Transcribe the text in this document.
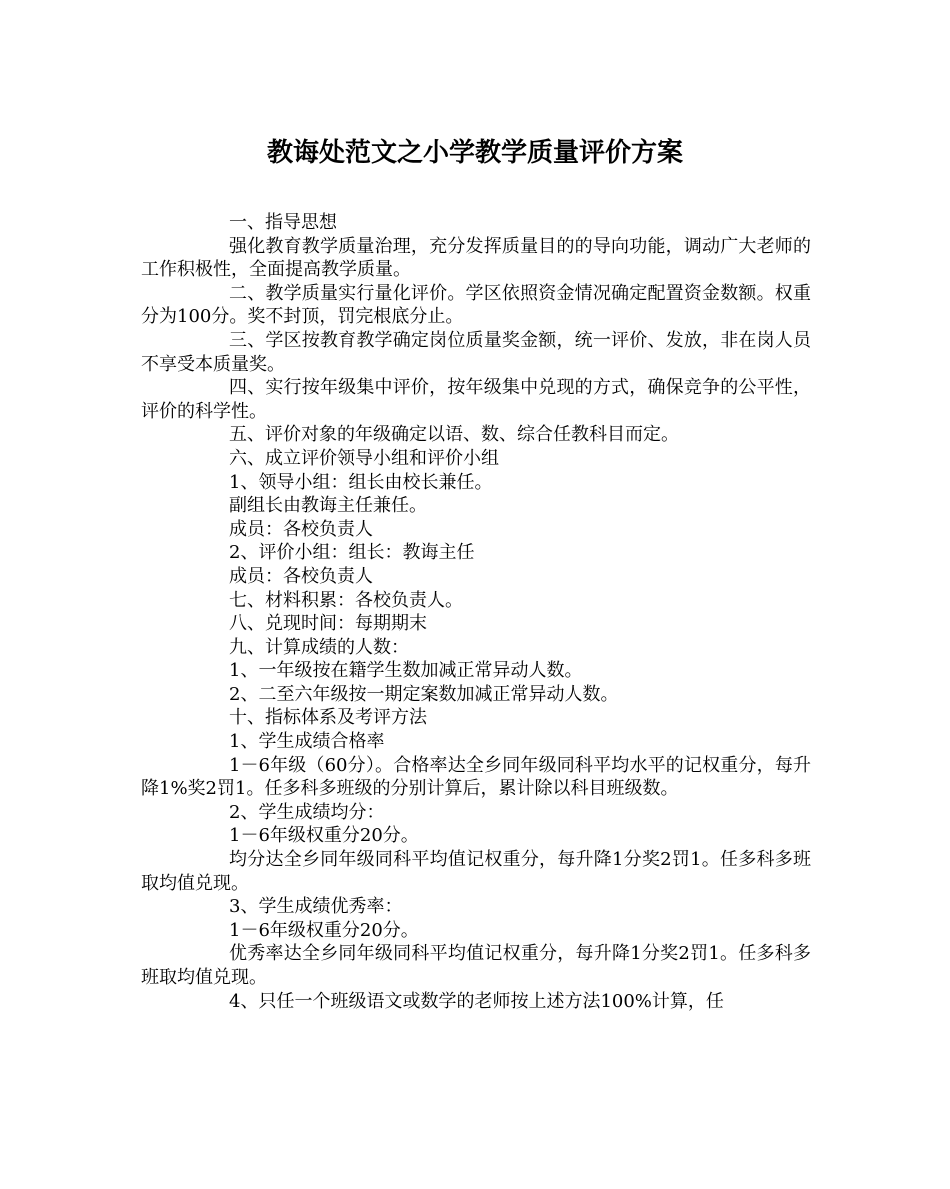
教诲处范文之小学教学质量评价方案

一、指导思想

强化教育教学质量治理，充分发挥质量目的的导向功能，调动广大老师的工作积极性，全面提高教学质量。

二、教学质量实行量化评价。学区依照资金情况确定配置资金数额。权重分为100分。奖不封顶，罚完根底分止。

三、学区按教育教学确定岗位质量奖金额，统一评价、发放，非在岗人员不享受本质量奖。

四、实行按年级集中评价，按年级集中兑现的方式，确保竞争的公平性，评价的科学性。

五、评价对象的年级确定以语、数、综合任教科目而定。

六、成立评价领导小组和评价小组

1、领导小组：组长由校长兼任。

副组长由教诲主任兼任。

成员：各校负责人

2、评价小组：组长：教诲主任

成员：各校负责人

七、材料积累：各校负责人。

八、兑现时间：每期期末

九、计算成绩的人数：

1、一年级按在籍学生数加减正常异动人数。

2、二至六年级按一期定案数加减正常异动人数。

十、指标体系及考评方法

1、学生成绩合格率

1－6年级（60分）。合格率达全乡同年级同科平均水平的记权重分，每升降1%奖2罚1。任多科多班级的分别计算后，累计除以科目班级数。

2、学生成绩均分：

1－6年级权重分20分。

均分达全乡同年级同科平均值记权重分，每升降1分奖2罚1。任多科多班取均值兑现。

3、学生成绩优秀率：

1－6年级权重分20分。

优秀率达全乡同年级同科平均值记权重分，每升降1分奖2罚1。任多科多班取均值兑现。

4、只任一个班级语文或数学的老师按上述方法100%计算，任
